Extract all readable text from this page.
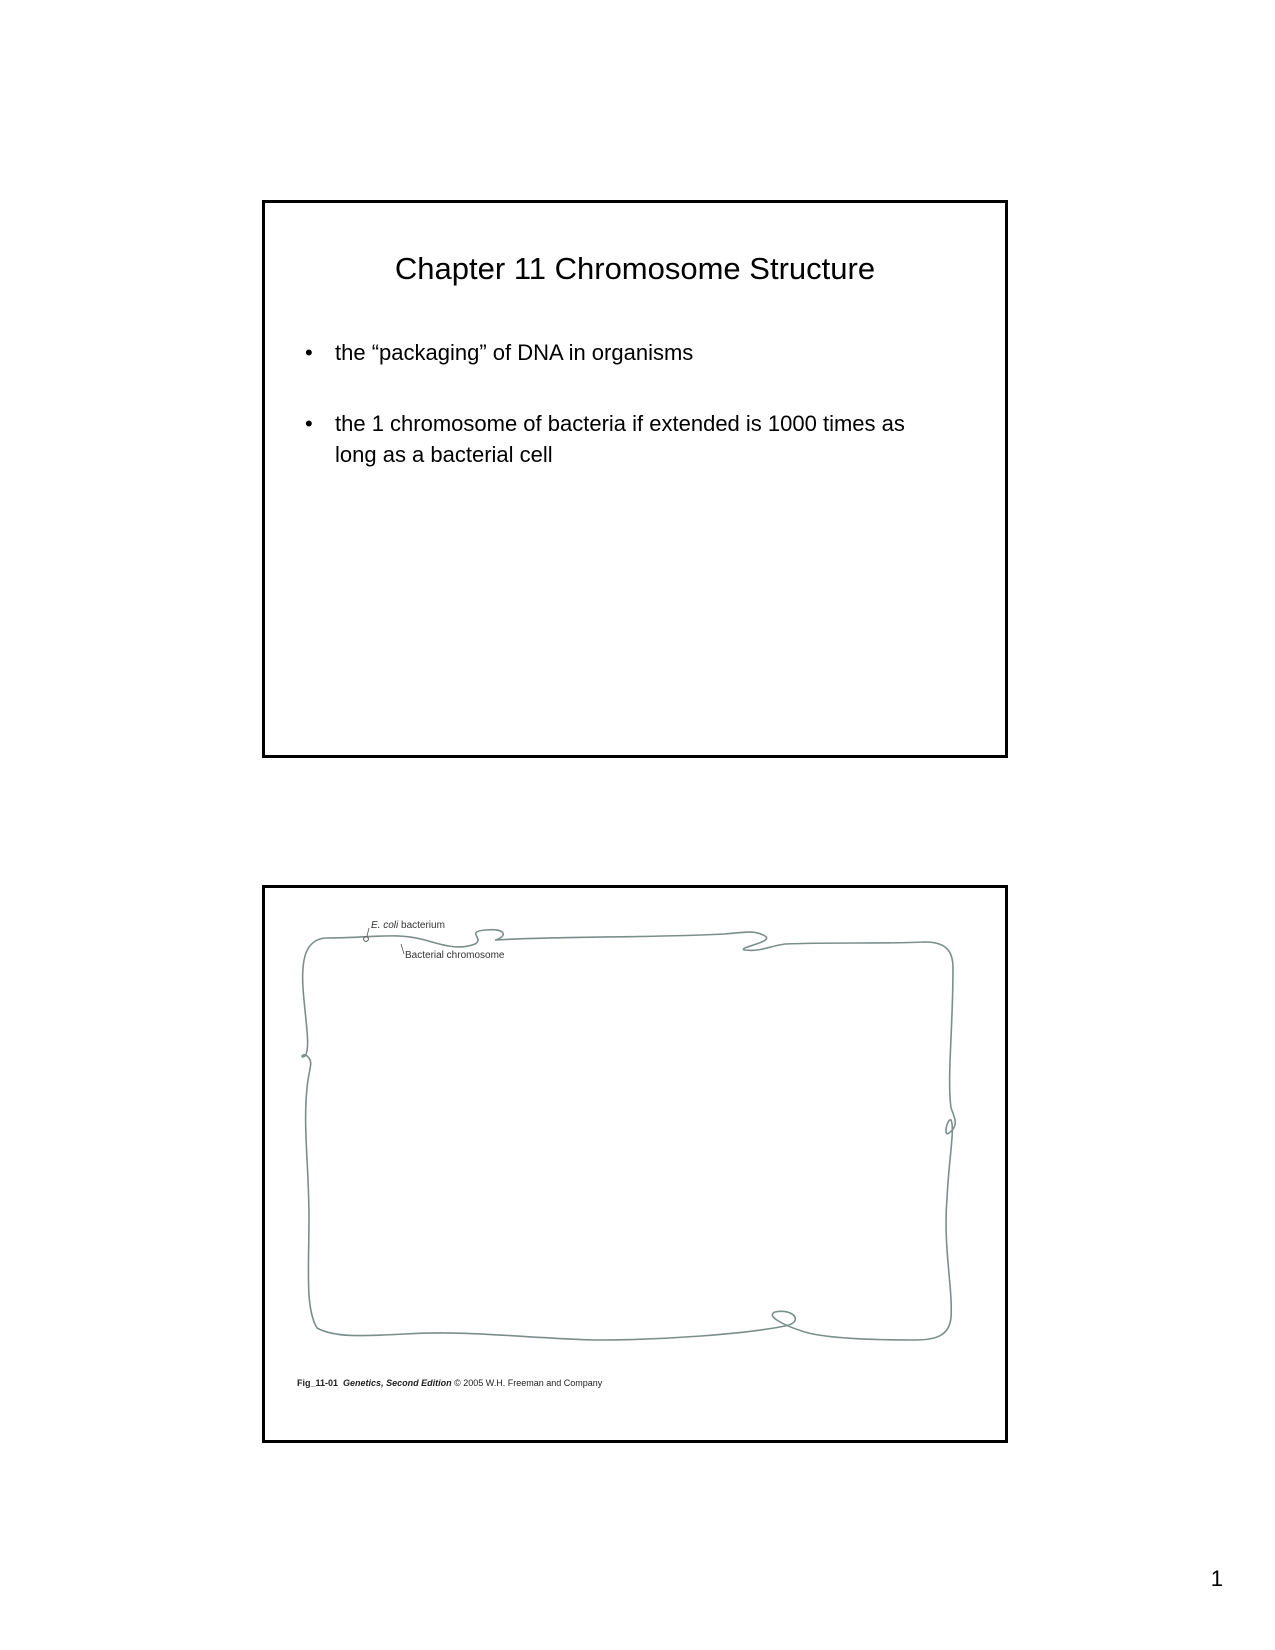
Chapter 11 Chromosome Structure
• the “packaging” of DNA in organisms
• the 1 chromosome of bacteria if extended is 1000 times as long as a bacterial cell
E. coli bacterium
Bacterial chromosome
Fig_11-01 Genetics, Second Edition © 2005 W.H. Freeman and Company
1
